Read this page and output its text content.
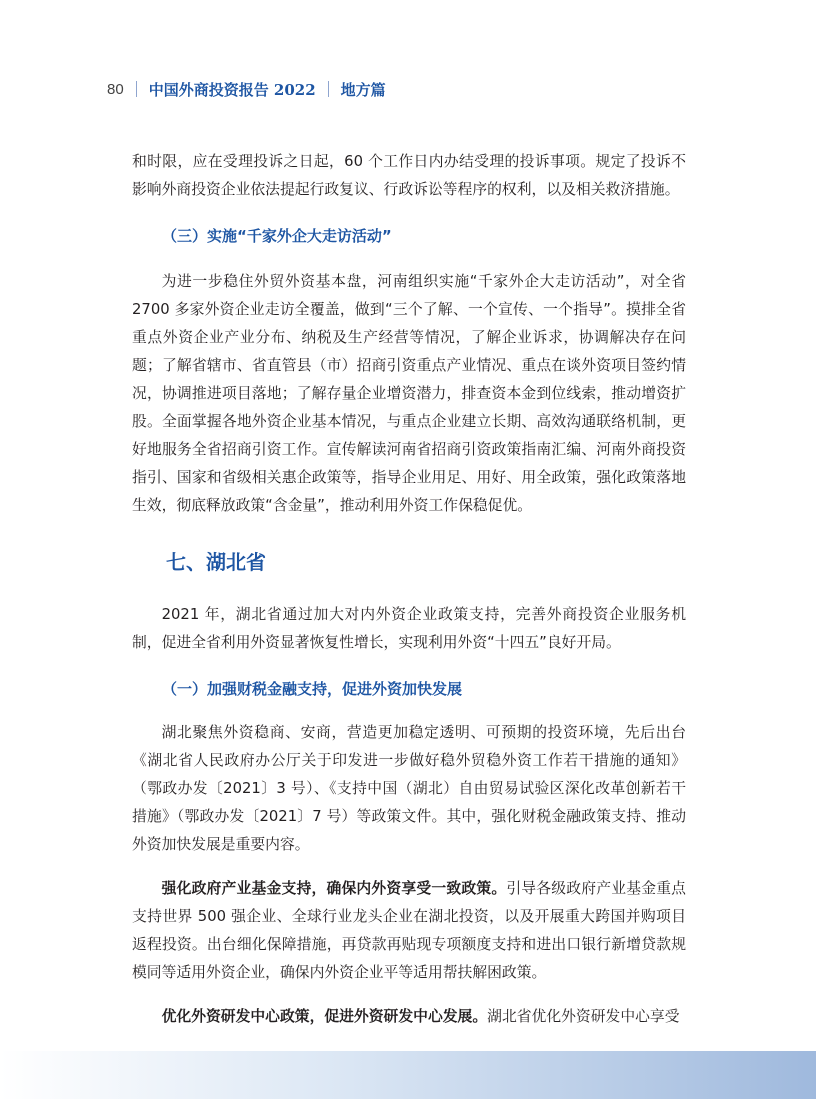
80 中国外商投资报告 2022 地方篇

和时限，应在受理投诉之日起，60 个工作日内办结受理的投诉事项。规定了投诉不影响外商投资企业依法提起行政复议、行政诉讼等程序的权利，以及相关救济措施。

（三）实施“千家外企大走访活动”

为进一步稳住外贸外资基本盘，河南组织实施“千家外企大走访活动”，对全省 2700 多家外资企业走访全覆盖，做到“三个了解、一个宣传、一个指导”。摸排全省重点外资企业产业分布、纳税及生产经营等情况，了解企业诉求，协调解决存在问题；了解省辖市、省直管县（市）招商引资重点产业情况、重点在谈外资项目签约情况，协调推进项目落地；了解存量企业增资潜力，排查资本金到位线索，推动增资扩股。全面掌握各地外资企业基本情况，与重点企业建立长期、高效沟通联络机制，更好地服务全省招商引资工作。宣传解读河南省招商引资政策指南汇编、河南外商投资指引、国家和省级相关惠企政策等，指导企业用足、用好、用全政策，强化政策落地生效，彻底释放政策“含金量”，推动利用外资工作保稳促优。

七、湖北省

2021 年，湖北省通过加大对内外资企业政策支持，完善外商投资企业服务机制，促进全省利用外资显著恢复性增长，实现利用外资“十四五”良好开局。

（一）加强财税金融支持，促进外资加快发展

湖北聚焦外资稳商、安商，营造更加稳定透明、可预期的投资环境，先后出台《湖北省人民政府办公厅关于印发进一步做好稳外贸稳外资工作若干措施的通知》（鄂政办发〔2021〕3 号）、《支持中国（湖北）自由贸易试验区深化改革创新若干措施》（鄂政办发〔2021〕7 号）等政策文件。其中，强化财税金融政策支持、推动外资加快发展是重要内容。

强化政府产业基金支持，确保内外资享受一致政策。引导各级政府产业基金重点支持世界 500 强企业、全球行业龙头企业在湖北投资，以及开展重大跨国并购项目返程投资。出台细化保障措施，再贷款再贴现专项额度支持和进出口银行新增贷款规模同等适用外资企业，确保内外资企业平等适用帮扶解困政策。

优化外资研发中心政策，促进外资研发中心发展。湖北省优化外资研发中心享受
